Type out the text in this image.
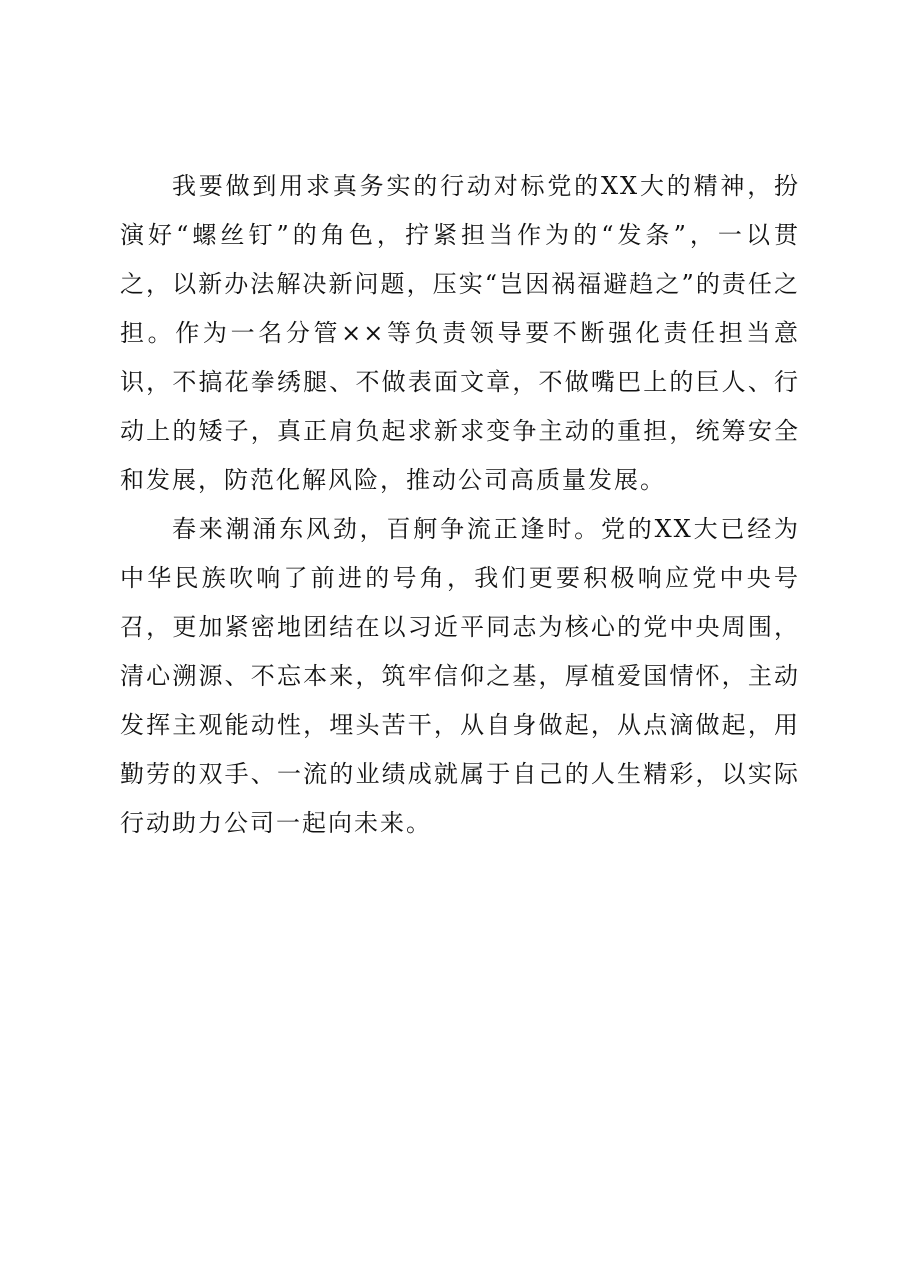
我要做到用求真务实的行动对标党的XX大的精神，扮演好“螺丝钉”的角色，拧紧担当作为的“发条”，一以贯之，以新办法解决新问题，压实“岂因祸福避趋之”的责任之担。作为一名分管××等负责领导要不断强化责任担当意识，不搞花拳绣腿、不做表面文章，不做嘴巴上的巨人、行动上的矮子，真正肩负起求新求变争主动的重担，统筹安全和发展，防范化解风险，推动公司高质量发展。

春来潮涌东风劲，百舸争流正逢时。党的XX大已经为中华民族吹响了前进的号角，我们更要积极响应党中央号召，更加紧密地团结在以习近平同志为核心的党中央周围，清心溯源、不忘本来，筑牢信仰之基，厚植爱国情怀，主动发挥主观能动性，埋头苦干，从自身做起，从点滴做起，用勤劳的双手、一流的业绩成就属于自己的人生精彩，以实际行动助力公司一起向未来。
